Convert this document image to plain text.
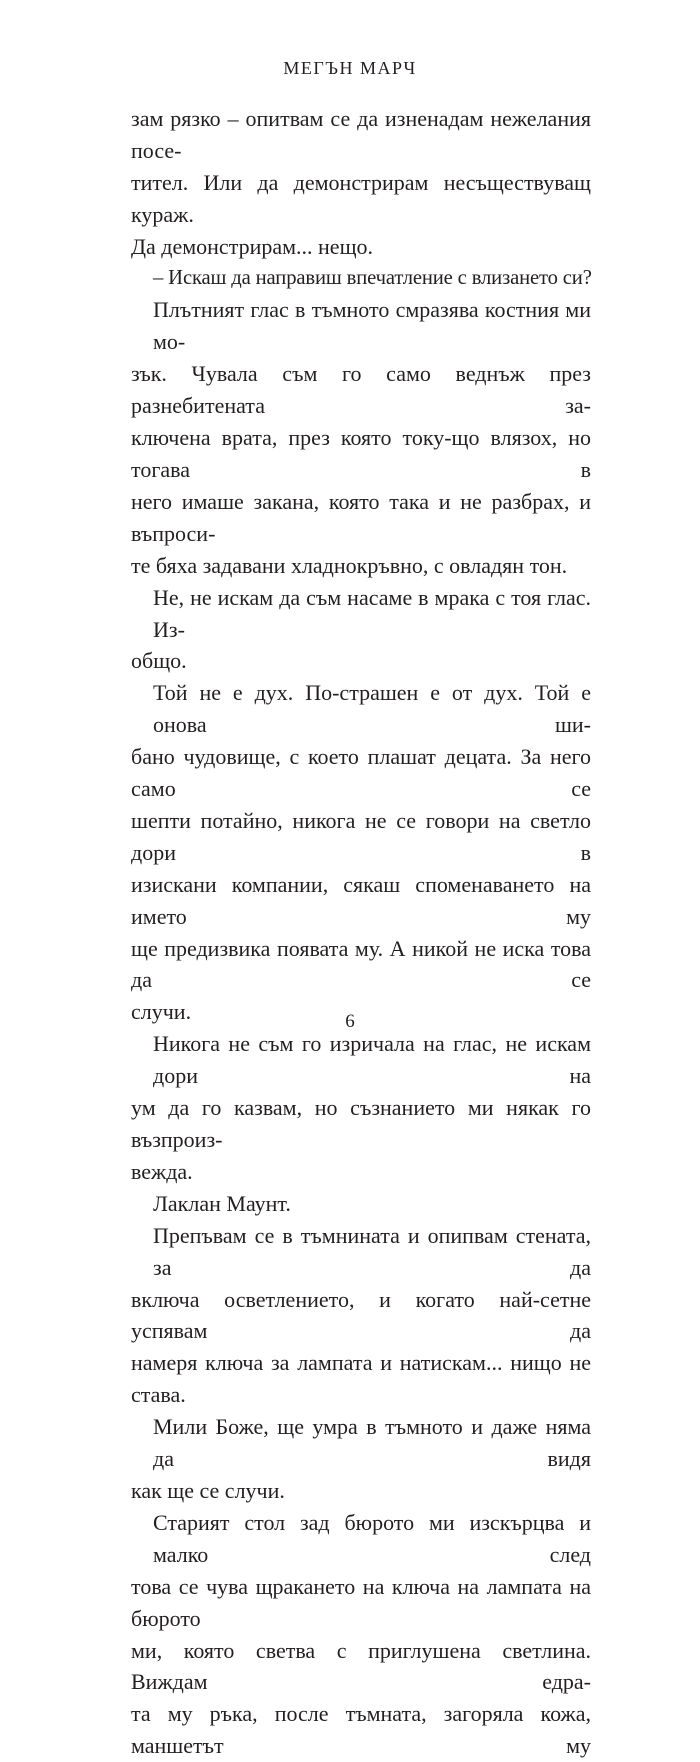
МЕГЪН МАРЧ
зам рязко – опитвам се да изненадам нежелания посе-
тител. Или да демонстрирам несъществуващ кураж.
Да демонстрирам... нещо.
– Искаш да направиш впечатление с влизането си?
Плътният глас в тъмното смразява костния ми мо-
зък. Чувала съм го само веднъж през разнебитената за-
ключена врата, през която току-що влязох, но тогава в
него имаше закана, която така и не разбрах, и въпроси-
те бяха задавани хладнокръвно, с овладян тон.
Не, не искам да съм насаме в мрака с тоя глас. Из-
общо.
Той не е дух. По-страшен е от дух. Той е онова ши-
бано чудовище, с което плашат децата. За него само се
шепти потайно, никога не се говори на светло дори в
изискани компании, сякаш споменаването на името му
ще предизвика появата му. А никой не иска това да се
случи.
Никога не съм го изричала на глас, не искам дори на
ум да го казвам, но съзнанието ми някак го възпроиз-
вежда.
Лаклан Маунт.
Препъвам се в тъмнината и опипвам стената, за да
включа осветлението, и когато най-сетне успявам да
намеря ключа за лампата и натискам... нищо не става.
Мили Боже, ще умра в тъмното и даже няма да видя
как ще се случи.
Старият стол зад бюрото ми изскърцва и малко след
това се чува щракането на ключа на лампата на бюрото
ми, която светва с приглушена светлина. Виждам едра-
та му ръка, после тъмната, загоряла кожа, маншетът му
6
